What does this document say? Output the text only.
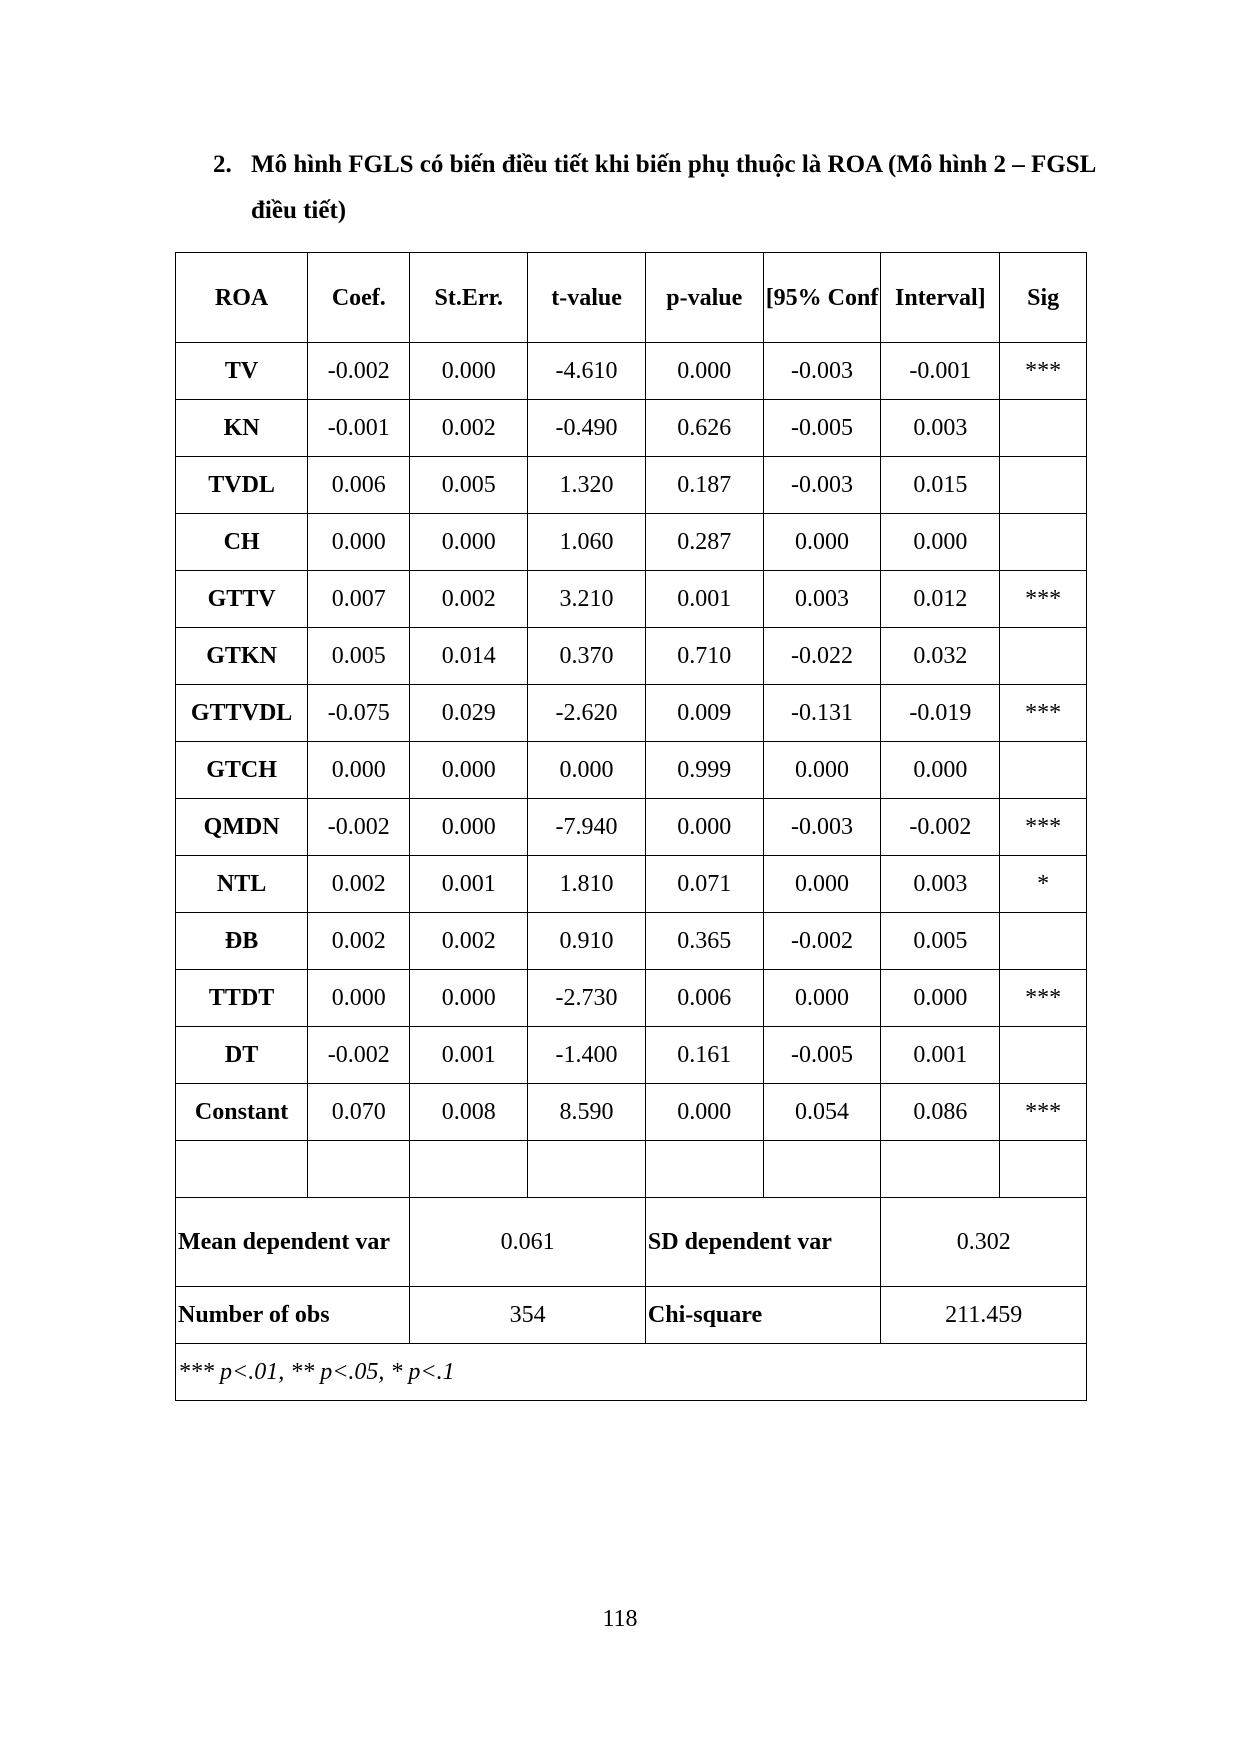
2. Mô hình FGLS có biến điều tiết khi biến phụ thuộc là ROA (Mô hình 2 – FGSL điều tiết)
ROA	Coef.	St.Err.	t-value	p-value	[95% Conf	Interval]	Sig
TV	-0.002	0.000	-4.610	0.000	-0.003	-0.001	***
KN	-0.001	0.002	-0.490	0.626	-0.005	0.003	
TVDL	0.006	0.005	1.320	0.187	-0.003	0.015	
CH	0.000	0.000	1.060	0.287	0.000	0.000	
GTTV	0.007	0.002	3.210	0.001	0.003	0.012	***
GTKN	0.005	0.014	0.370	0.710	-0.022	0.032	
GTTVDL	-0.075	0.029	-2.620	0.009	-0.131	-0.019	***
GTCH	0.000	0.000	0.000	0.999	0.000	0.000	
QMDN	-0.002	0.000	-7.940	0.000	-0.003	-0.002	***
NTL	0.002	0.001	1.810	0.071	0.000	0.003	*
ĐB	0.002	0.002	0.910	0.365	-0.002	0.005	
TTDT	0.000	0.000	-2.730	0.006	0.000	0.000	***
DT	-0.002	0.001	-1.400	0.161	-0.005	0.001	
Constant	0.070	0.008	8.590	0.000	0.054	0.086	***

Mean dependent var		0.061		SD dependent var		0.302	
Number of obs		354		Chi-square		211.459	
*** p<.01, ** p<.05, * p<.1							
118
